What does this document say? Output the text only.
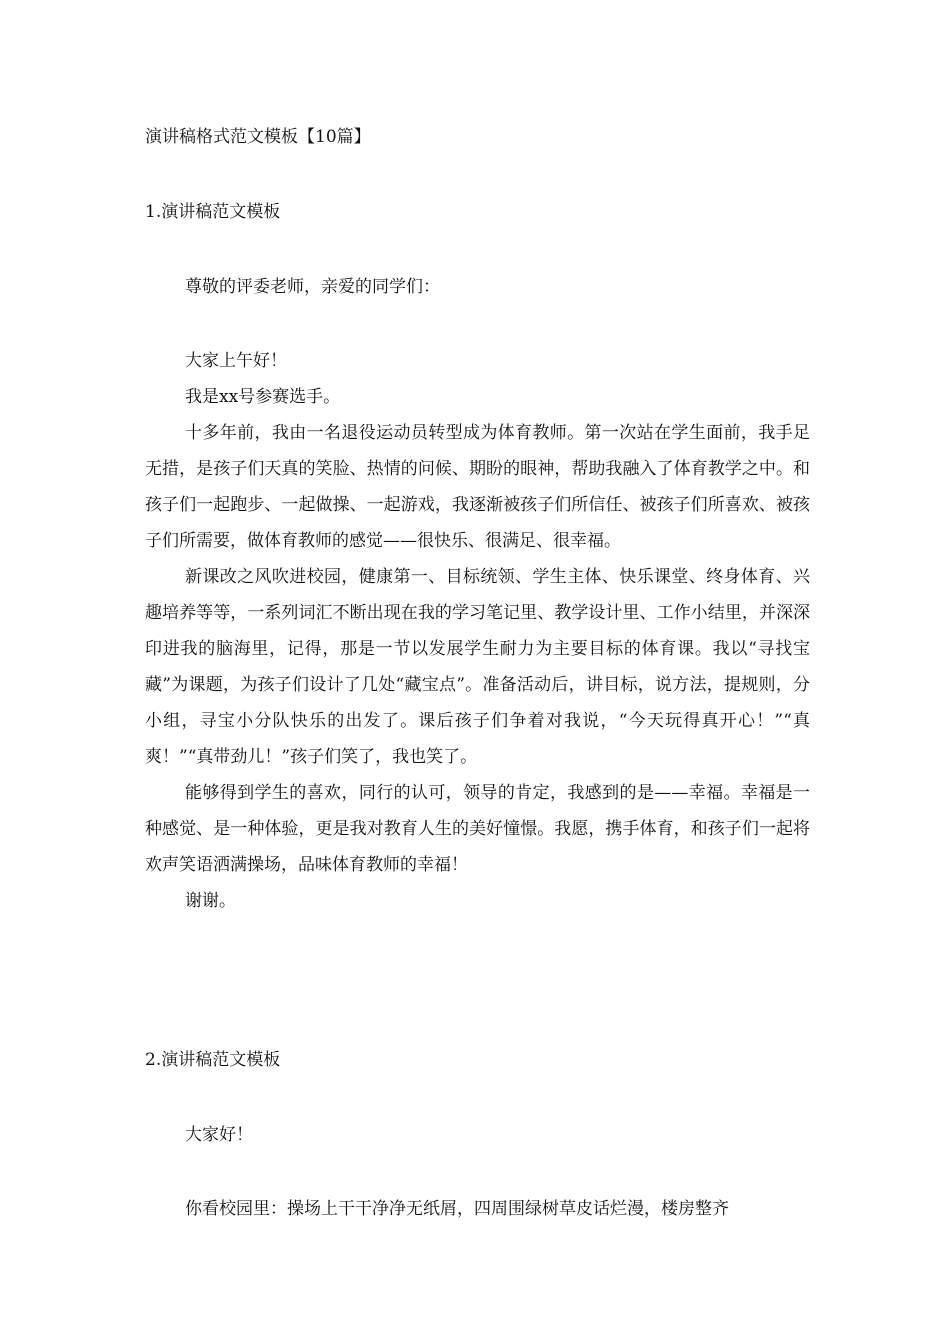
演讲稿格式范文模板【10篇】

1.演讲稿范文模板

尊敬的评委老师，亲爱的同学们：

大家上午好！

我是xx号参赛选手。

十多年前，我由一名退役运动员转型成为体育教师。第一次站在学生面前，我手足无措，是孩子们天真的笑脸、热情的问候、期盼的眼神，帮助我融入了体育教学之中。和孩子们一起跑步、一起做操、一起游戏，我逐渐被孩子们所信任、被孩子们所喜欢、被孩子们所需要，做体育教师的感觉——很快乐、很满足、很幸福。

新课改之风吹进校园，健康第一、目标统领、学生主体、快乐课堂、终身体育、兴趣培养等等，一系列词汇不断出现在我的学习笔记里、教学设计里、工作小结里，并深深印进我的脑海里，记得，那是一节以发展学生耐力为主要目标的体育课。我以“寻找宝藏”为课题，为孩子们设计了几处“藏宝点”。准备活动后，讲目标，说方法，提规则，分小组，寻宝小分队快乐的出发了。课后孩子们争着对我说，“今天玩得真开心！”“真爽！”“真带劲儿！”孩子们笑了，我也笑了。

能够得到学生的喜欢，同行的认可，领导的肯定，我感到的是——幸福。幸福是一种感觉、是一种体验，更是我对教育人生的美好憧憬。我愿，携手体育，和孩子们一起将欢声笑语洒满操场，品味体育教师的幸福！

谢谢。

2.演讲稿范文模板

大家好！

你看校园里：操场上干干净净无纸屑，四周围绿树草皮话烂漫，楼房整齐
